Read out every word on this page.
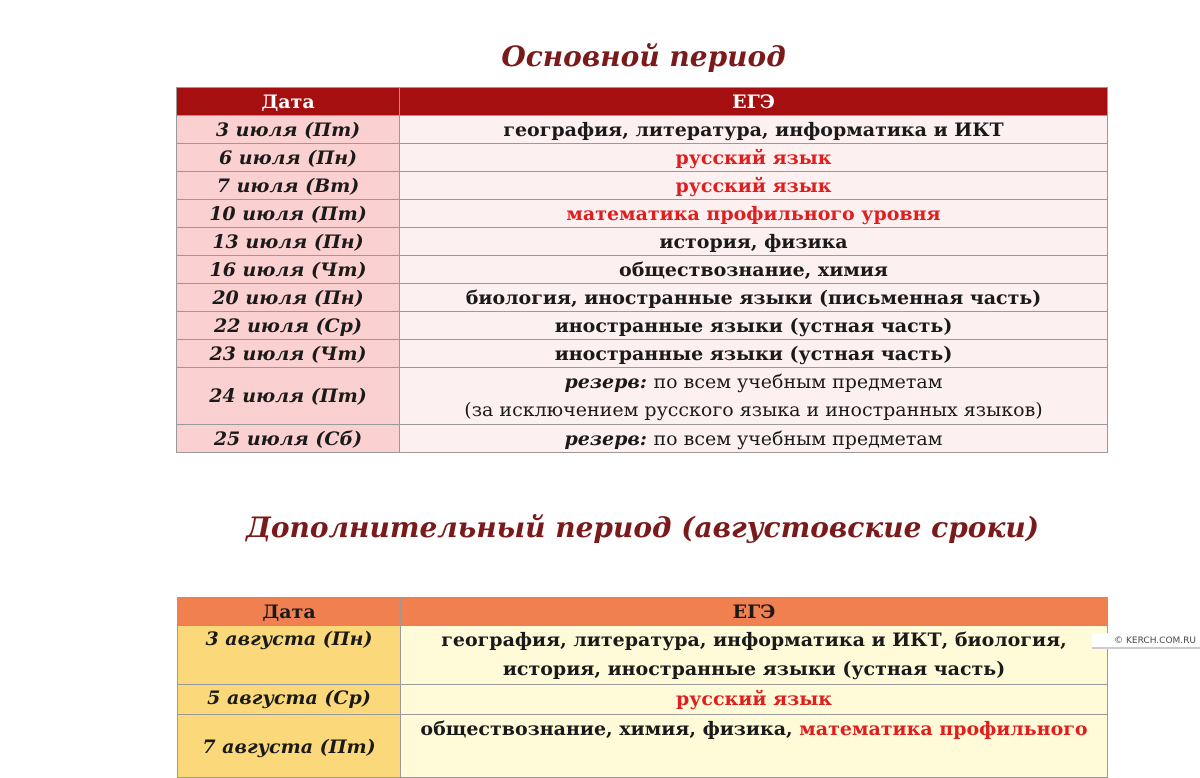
Основной период
Дата	ЕГЭ
3 июля (Пт)	география, литература, информатика и ИКТ
6 июля (Пн)	русский язык
7 июля (Вт)	русский язык
10 июля (Пт)	математика профильного уровня
13 июля (Пн)	история, физика
16 июля (Чт)	обществознание, химия
20 июля (Пн)	биология, иностранные языки (письменная часть)
22 июля (Ср)	иностранные языки (устная часть)
23 июля (Чт)	иностранные языки (устная часть)
24 июля (Пт)	резерв: по всем учебным предметам
(за исключением русского языка и иностранных языков)

25 июля (Сб)	резерв: по всем учебным предметам
Дополнительный период (августовские сроки)
Дата	ЕГЭ
3 августа (Пн)	география, литература, информатика и ИКТ, биология,
история, иностранные языки (устная часть)

5 августа (Ср)	русский язык
7 августа (Пт)	обществознание, химия, физика, математика профильного
© KERCH.COM.RU
